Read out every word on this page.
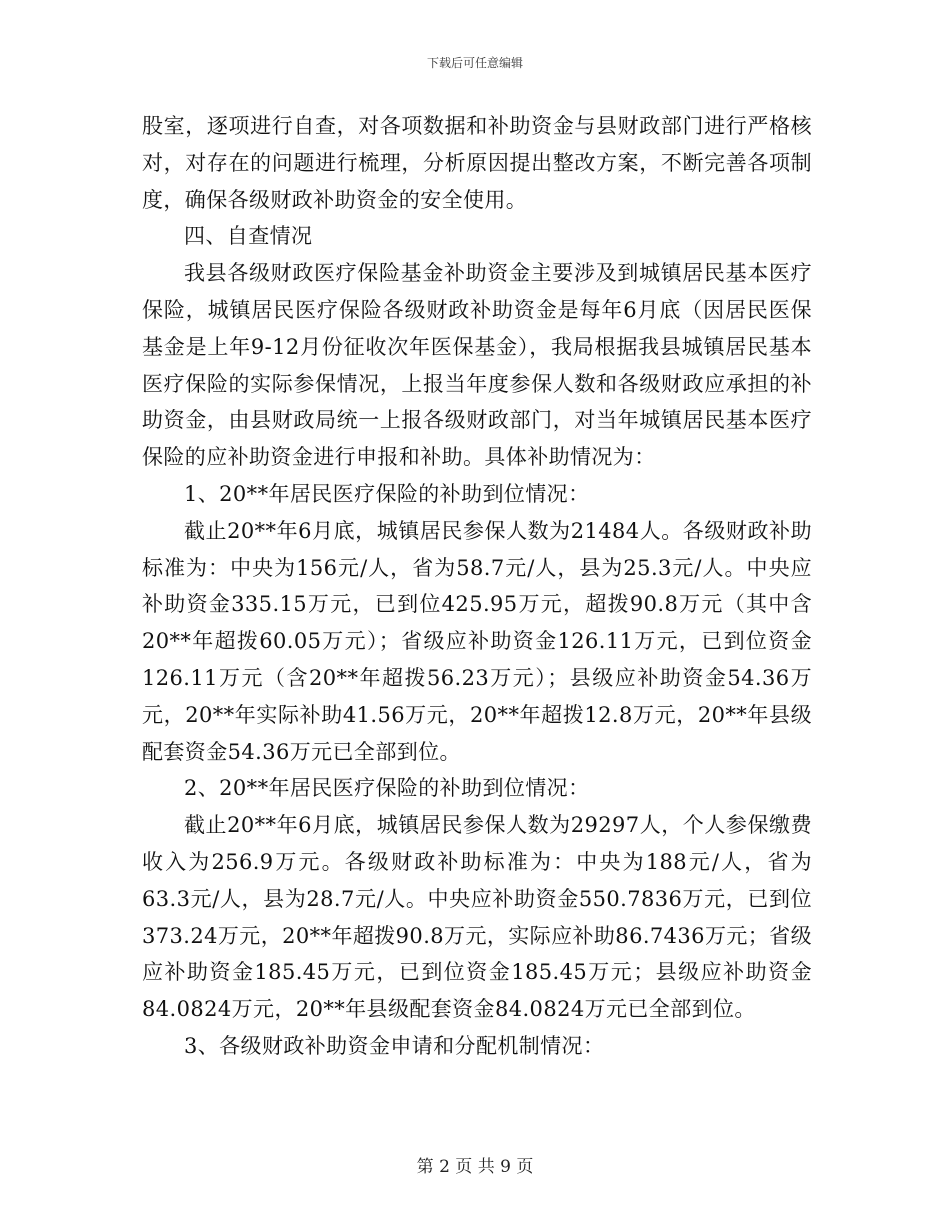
下载后可任意编辑

股室，逐项进行自查，对各项数据和补助资金与县财政部门进行严格核对，对存在的问题进行梳理，分析原因提出整改方案，不断完善各项制度，确保各级财政补助资金的安全使用。

四、自查情况

我县各级财政医疗保险基金补助资金主要涉及到城镇居民基本医疗保险，城镇居民医疗保险各级财政补助资金是每年6月底（因居民医保基金是上年9-12月份征收次年医保基金），我局根据我县城镇居民基本医疗保险的实际参保情况，上报当年度参保人数和各级财政应承担的补助资金，由县财政局统一上报各级财政部门，对当年城镇居民基本医疗保险的应补助资金进行申报和补助。具体补助情况为：

1、20**年居民医疗保险的补助到位情况：

截止20**年6月底，城镇居民参保人数为21484人。各级财政补助标准为：中央为156元/人，省为58.7元/人，县为25.3元/人。中央应补助资金335.15万元，已到位425.95万元，超拨90.8万元（其中含20**年超拨60.05万元）；省级应补助资金126.11万元，已到位资金126.11万元（含20**年超拨56.23万元）；县级应补助资金54.36万元，20**年实际补助41.56万元，20**年超拨12.8万元，20**年县级配套资金54.36万元已全部到位。

2、20**年居民医疗保险的补助到位情况：

截止20**年6月底，城镇居民参保人数为29297人，个人参保缴费收入为256.9万元。各级财政补助标准为：中央为188元/人，省为63.3元/人，县为28.7元/人。中央应补助资金550.7836万元，已到位373.24万元，20**年超拨90.8万元，实际应补助86.7436万元；省级应补助资金185.45万元，已到位资金185.45万元；县级应补助资金84.0824万元，20**年县级配套资金84.0824万元已全部到位。

3、各级财政补助资金申请和分配机制情况：

第 2 页 共 9 页
